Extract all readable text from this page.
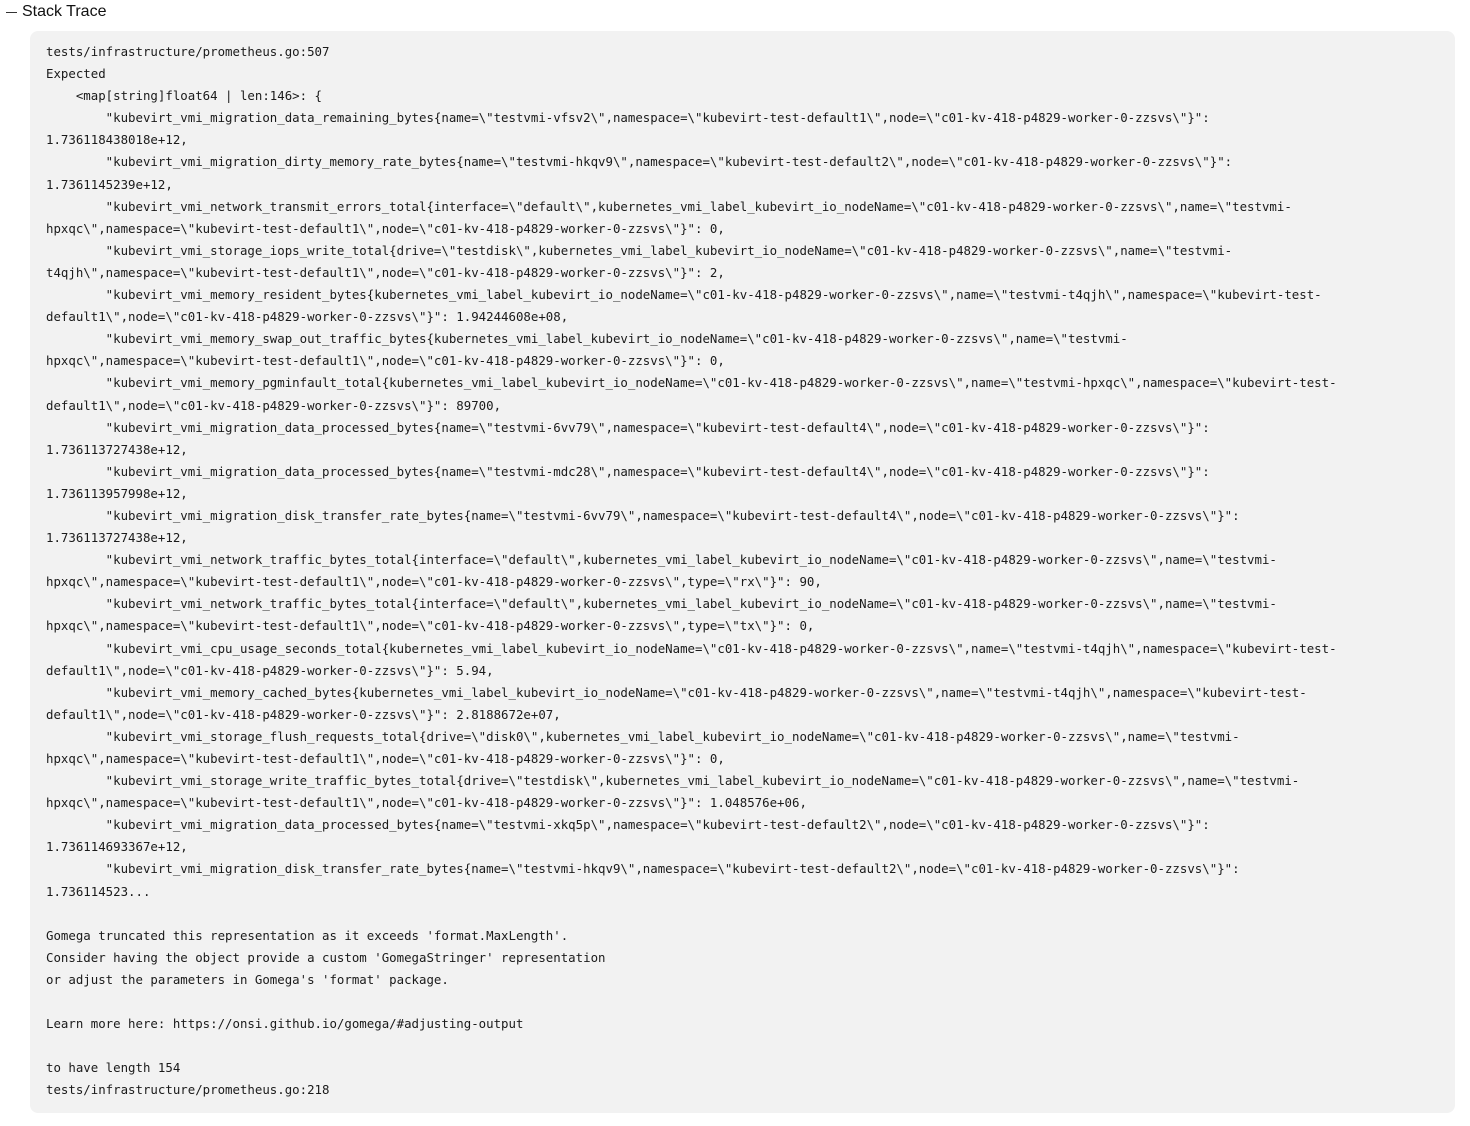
Stack Trace
tests/infrastructure/prometheus.go:507
Expected
<map[string]float64 | len:146>: {
"kubevirt_vmi_migration_data_remaining_bytes{name=\"testvmi-vfsv2\",namespace=\"kubevirt-test-default1\",node=\"c01-kv-418-p4829-worker-0-zzsvs\"}":
1.736118438018e+12,
"kubevirt_vmi_migration_dirty_memory_rate_bytes{name=\"testvmi-hkqv9\",namespace=\"kubevirt-test-default2\",node=\"c01-kv-418-p4829-worker-0-zzsvs\"}":
1.7361145239e+12,
"kubevirt_vmi_network_transmit_errors_total{interface=\"default\",kubernetes_vmi_label_kubevirt_io_nodeName=\"c01-kv-418-p4829-worker-0-zzsvs\",name=\"testvmi-
hpxqc\",namespace=\"kubevirt-test-default1\",node=\"c01-kv-418-p4829-worker-0-zzsvs\"}": 0,
"kubevirt_vmi_storage_iops_write_total{drive=\"testdisk\",kubernetes_vmi_label_kubevirt_io_nodeName=\"c01-kv-418-p4829-worker-0-zzsvs\",name=\"testvmi-
t4qjh\",namespace=\"kubevirt-test-default1\",node=\"c01-kv-418-p4829-worker-0-zzsvs\"}": 2,
"kubevirt_vmi_memory_resident_bytes{kubernetes_vmi_label_kubevirt_io_nodeName=\"c01-kv-418-p4829-worker-0-zzsvs\",name=\"testvmi-t4qjh\",namespace=\"kubevirt-test-
default1\",node=\"c01-kv-418-p4829-worker-0-zzsvs\"}": 1.94244608e+08,
"kubevirt_vmi_memory_swap_out_traffic_bytes{kubernetes_vmi_label_kubevirt_io_nodeName=\"c01-kv-418-p4829-worker-0-zzsvs\",name=\"testvmi-
hpxqc\",namespace=\"kubevirt-test-default1\",node=\"c01-kv-418-p4829-worker-0-zzsvs\"}": 0,
"kubevirt_vmi_memory_pgminfault_total{kubernetes_vmi_label_kubevirt_io_nodeName=\"c01-kv-418-p4829-worker-0-zzsvs\",name=\"testvmi-hpxqc\",namespace=\"kubevirt-test-
default1\",node=\"c01-kv-418-p4829-worker-0-zzsvs\"}": 89700,
"kubevirt_vmi_migration_data_processed_bytes{name=\"testvmi-6vv79\",namespace=\"kubevirt-test-default4\",node=\"c01-kv-418-p4829-worker-0-zzsvs\"}":
1.736113727438e+12,
"kubevirt_vmi_migration_data_processed_bytes{name=\"testvmi-mdc28\",namespace=\"kubevirt-test-default4\",node=\"c01-kv-418-p4829-worker-0-zzsvs\"}":
1.736113957998e+12,
"kubevirt_vmi_migration_disk_transfer_rate_bytes{name=\"testvmi-6vv79\",namespace=\"kubevirt-test-default4\",node=\"c01-kv-418-p4829-worker-0-zzsvs\"}":
1.736113727438e+12,
"kubevirt_vmi_network_traffic_bytes_total{interface=\"default\",kubernetes_vmi_label_kubevirt_io_nodeName=\"c01-kv-418-p4829-worker-0-zzsvs\",name=\"testvmi-
hpxqc\",namespace=\"kubevirt-test-default1\",node=\"c01-kv-418-p4829-worker-0-zzsvs\",type=\"rx\"}": 90,
"kubevirt_vmi_network_traffic_bytes_total{interface=\"default\",kubernetes_vmi_label_kubevirt_io_nodeName=\"c01-kv-418-p4829-worker-0-zzsvs\",name=\"testvmi-
hpxqc\",namespace=\"kubevirt-test-default1\",node=\"c01-kv-418-p4829-worker-0-zzsvs\",type=\"tx\"}": 0,
"kubevirt_vmi_cpu_usage_seconds_total{kubernetes_vmi_label_kubevirt_io_nodeName=\"c01-kv-418-p4829-worker-0-zzsvs\",name=\"testvmi-t4qjh\",namespace=\"kubevirt-test-
default1\",node=\"c01-kv-418-p4829-worker-0-zzsvs\"}": 5.94,
"kubevirt_vmi_memory_cached_bytes{kubernetes_vmi_label_kubevirt_io_nodeName=\"c01-kv-418-p4829-worker-0-zzsvs\",name=\"testvmi-t4qjh\",namespace=\"kubevirt-test-
default1\",node=\"c01-kv-418-p4829-worker-0-zzsvs\"}": 2.8188672e+07,
"kubevirt_vmi_storage_flush_requests_total{drive=\"disk0\",kubernetes_vmi_label_kubevirt_io_nodeName=\"c01-kv-418-p4829-worker-0-zzsvs\",name=\"testvmi-
hpxqc\",namespace=\"kubevirt-test-default1\",node=\"c01-kv-418-p4829-worker-0-zzsvs\"}": 0,
"kubevirt_vmi_storage_write_traffic_bytes_total{drive=\"testdisk\",kubernetes_vmi_label_kubevirt_io_nodeName=\"c01-kv-418-p4829-worker-0-zzsvs\",name=\"testvmi-
hpxqc\",namespace=\"kubevirt-test-default1\",node=\"c01-kv-418-p4829-worker-0-zzsvs\"}": 1.048576e+06,
"kubevirt_vmi_migration_data_processed_bytes{name=\"testvmi-xkq5p\",namespace=\"kubevirt-test-default2\",node=\"c01-kv-418-p4829-worker-0-zzsvs\"}":
1.736114693367e+12,
"kubevirt_vmi_migration_disk_transfer_rate_bytes{name=\"testvmi-hkqv9\",namespace=\"kubevirt-test-default2\",node=\"c01-kv-418-p4829-worker-0-zzsvs\"}":
1.736114523...
Gomega truncated this representation as it exceeds 'format.MaxLength'.
Consider having the object provide a custom 'GomegaStringer' representation
or adjust the parameters in Gomega's 'format' package.
Learn more here: https://onsi.github.io/gomega/#adjusting-output
to have length 154
tests/infrastructure/prometheus.go:218
